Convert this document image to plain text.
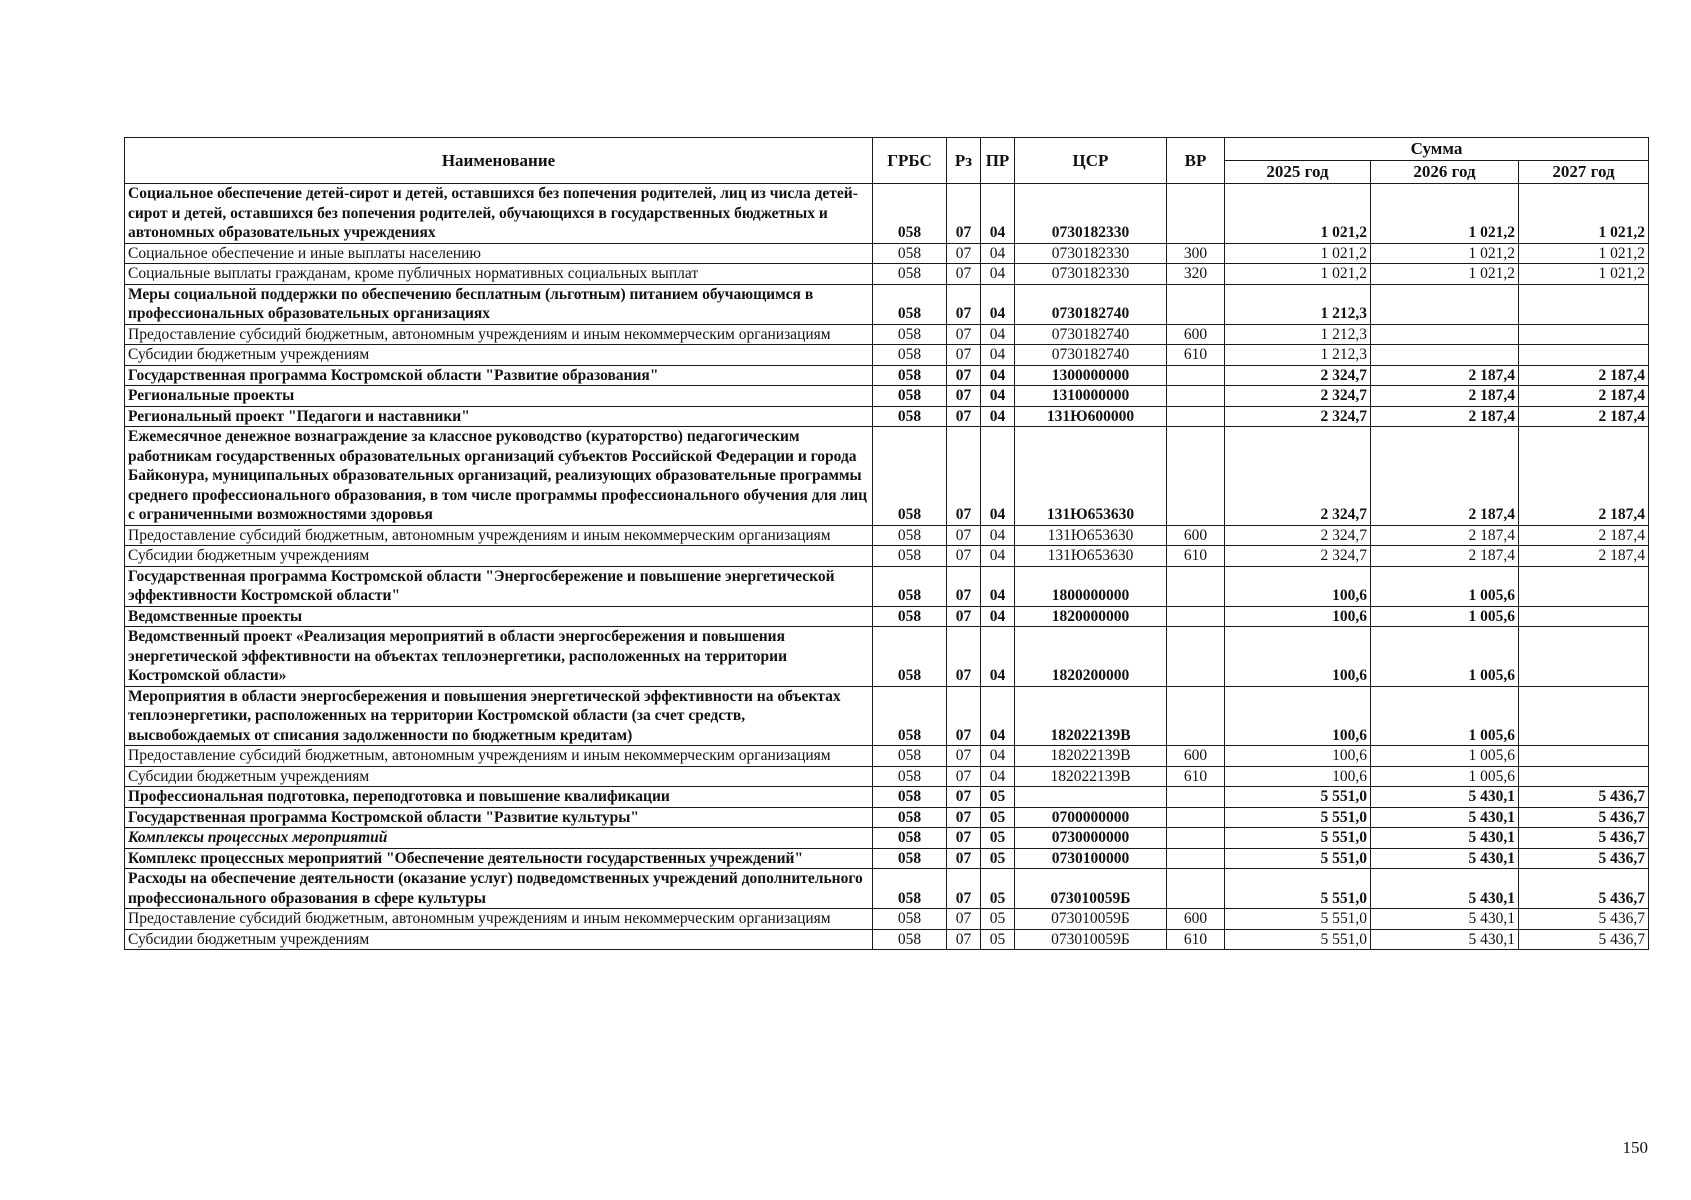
Наименование	ГРБС	Рз	ПР	ЦСР	ВР	Сумма		
						2025 год	2026 год	2027 год
Социальное обеспечение детей-сирот и детей, оставшихся без попечения родителей, лиц из числа детей-сирот и детей, оставшихся без попечения родителей, обучающихся в государственных бюджетных и автономных образовательных учреждениях	058	07	04	0730182330		1 021,2	1 021,2	1 021,2
Социальное обеспечение и иные выплаты населению	058	07	04	0730182330	300	1 021,2	1 021,2	1 021,2
Социальные выплаты гражданам, кроме публичных нормативных социальных выплат	058	07	04	0730182330	320	1 021,2	1 021,2	1 021,2
Меры социальной поддержки по обеспечению бесплатным (льготным) питанием обучающимся в профессиональных образовательных организациях	058	07	04	0730182740		1 212,3		
Предоставление субсидий бюджетным, автономным учреждениям и иным некоммерческим организациям	058	07	04	0730182740	600	1 212,3		
Субсидии бюджетным учреждениям	058	07	04	0730182740	610	1 212,3		
Государственная программа Костромской области "Развитие образования"	058	07	04	1300000000		2 324,7	2 187,4	2 187,4
Региональные проекты	058	07	04	1310000000		2 324,7	2 187,4	2 187,4
Региональный проект "Педагоги и наставники"	058	07	04	131Ю600000		2 324,7	2 187,4	2 187,4
Ежемесячное денежное вознаграждение за классное руководство (кураторство) педагогическим работникам государственных образовательных организаций субъектов Российской Федерации и города Байконура, муниципальных образовательных организаций, реализующих образовательные программы среднего профессионального образования, в том числе программы профессионального обучения для лиц с ограниченными возможностями здоровья	058	07	04	131Ю653630		2 324,7	2 187,4	2 187,4
Предоставление субсидий бюджетным, автономным учреждениям и иным некоммерческим организациям	058	07	04	131Ю653630	600	2 324,7	2 187,4	2 187,4
Субсидии бюджетным учреждениям	058	07	04	131Ю653630	610	2 324,7	2 187,4	2 187,4
Государственная программа Костромской области "Энергосбережение и повышение энергетической эффективности Костромской области"	058	07	04	1800000000		100,6	1 005,6	
Ведомственные проекты	058	07	04	1820000000		100,6	1 005,6	
Ведомственный проект «Реализация мероприятий в области энергосбережения и повышения энергетической эффективности на объектах теплоэнергетики, расположенных на территории Костромской области»	058	07	04	1820200000		100,6	1 005,6	
Мероприятия в области энергосбережения и повышения энергетической эффективности на объектах теплоэнергетики, расположенных на территории Костромской области (за счет средств, высвобождаемых от списания задолженности по бюджетным кредитам)	058	07	04	182022139В		100,6	1 005,6	
Предоставление субсидий бюджетным, автономным учреждениям и иным некоммерческим организациям	058	07	04	182022139В	600	100,6	1 005,6	
Субсидии бюджетным учреждениям	058	07	04	182022139В	610	100,6	1 005,6	
Профессиональная подготовка, переподготовка и повышение квалификации	058	07	05			5 551,0	5 430,1	5 436,7
Государственная программа Костромской области "Развитие культуры"	058	07	05	0700000000		5 551,0	5 430,1	5 436,7
Комплексы процессных мероприятий	058	07	05	0730000000		5 551,0	5 430,1	5 436,7
Комплекс процессных мероприятий "Обеспечение деятельности государственных учреждений"	058	07	05	0730100000		5 551,0	5 430,1	5 436,7
Расходы на обеспечение деятельности (оказание услуг) подведомственных учреждений дополнительного профессионального образования в сфере культуры	058	07	05	073010059Б		5 551,0	5 430,1	5 436,7
Предоставление субсидий бюджетным, автономным учреждениям и иным некоммерческим организациям	058	07	05	073010059Б	600	5 551,0	5 430,1	5 436,7
Субсидии бюджетным учреждениям	058	07	05	073010059Б	610	5 551,0	5 430,1	5 436,7
150
